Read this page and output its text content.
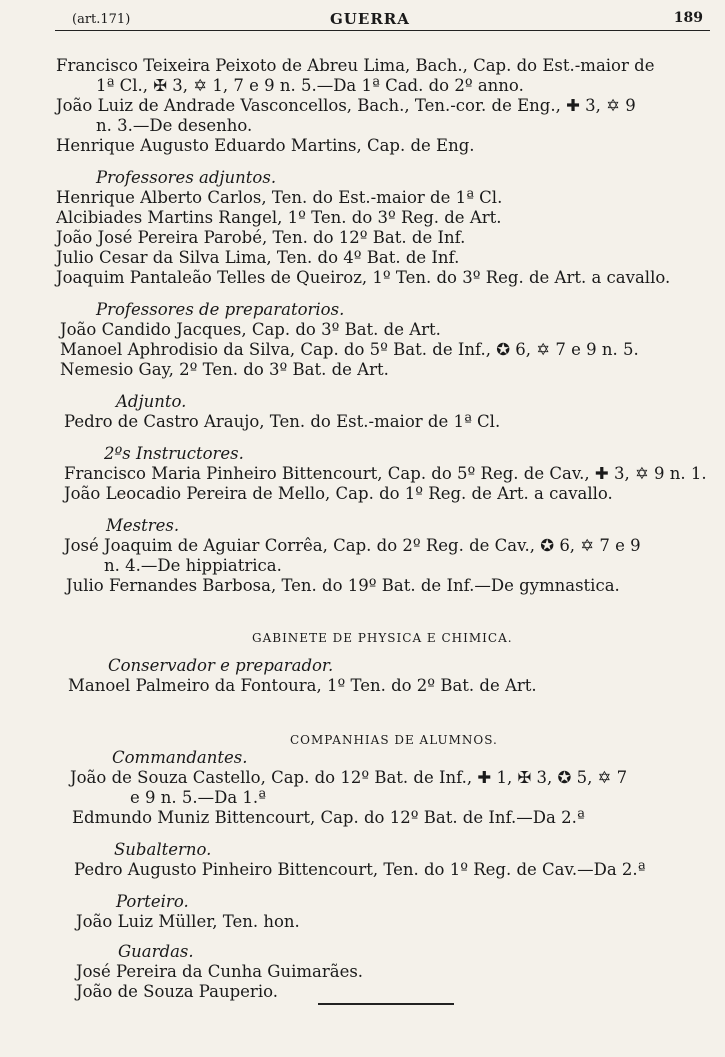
(art.171)	GUERRA	189
Francisco Teixeira Peixoto de Abreu Lima, Bach., Cap. do Est.-maior de
1ª Cl., ✠ 3, ✡ 1, 7 e 9 n. 5.—Da 1ª Cad. do 2º anno.
João Luiz de Andrade Vasconcellos, Bach., Ten.-cor. de Eng., ✚ 3, ✡ 9
n. 3.—De desenho.
Henrique Augusto Eduardo Martins, Cap. de Eng.
Professores adjuntos.
Henrique Alberto Carlos, Ten. do Est.-maior de 1ª Cl.
Alcibiades Martins Rangel, 1º Ten. do 3º Reg. de Art.
João José Pereira Parobé, Ten. do 12º Bat. de Inf.
Julio Cesar da Silva Lima, Ten. do 4º Bat. de Inf.
Joaquim Pantaleão Telles de Queiroz, 1º Ten. do 3º Reg. de Art. a cavallo.
Professores de preparatorios.
João Candido Jacques, Cap. do 3º Bat. de Art.
Manoel Aphrodisio da Silva, Cap. do 5º Bat. de Inf., ✪ 6, ✡ 7 e 9 n. 5.
Nemesio Gay, 2º Ten. do 3º Bat. de Art.
Adjunto.
Pedro de Castro Araujo, Ten. do Est.-maior de 1ª Cl.
2ºs Instructores.
Francisco Maria Pinheiro Bittencourt, Cap. do 5º Reg. de Cav., ✚ 3, ✡ 9 n. 1.
João Leocadio Pereira de Mello, Cap. do 1º Reg. de Art. a cavallo.
Mestres.
José Joaquim de Aguiar Corrêa, Cap. do 2º Reg. de Cav., ✪ 6, ✡ 7 e 9
n. 4.—De hippiatrica.
Julio Fernandes Barbosa, Ten. do 19º Bat. de Inf.—De gymnastica.
GABINETE DE PHYSICA E CHIMICA.
Conservador e preparador.
Manoel Palmeiro da Fontoura, 1º Ten. do 2º Bat. de Art.
COMPANHIAS DE ALUMNOS.
Commandantes.
João de Souza Castello, Cap. do 12º Bat. de Inf., ✚ 1, ✠ 3, ✪ 5, ✡ 7
e 9 n. 5.—Da 1.ª
Edmundo Muniz Bittencourt, Cap. do 12º Bat. de Inf.—Da 2.ª
Subalterno.
Pedro Augusto Pinheiro Bittencourt, Ten. do 1º Reg. de Cav.—Da 2.ª
Porteiro.
João Luiz Müller, Ten. hon.
Guardas.
José Pereira da Cunha Guimarães.
João de Souza Pauperio.
